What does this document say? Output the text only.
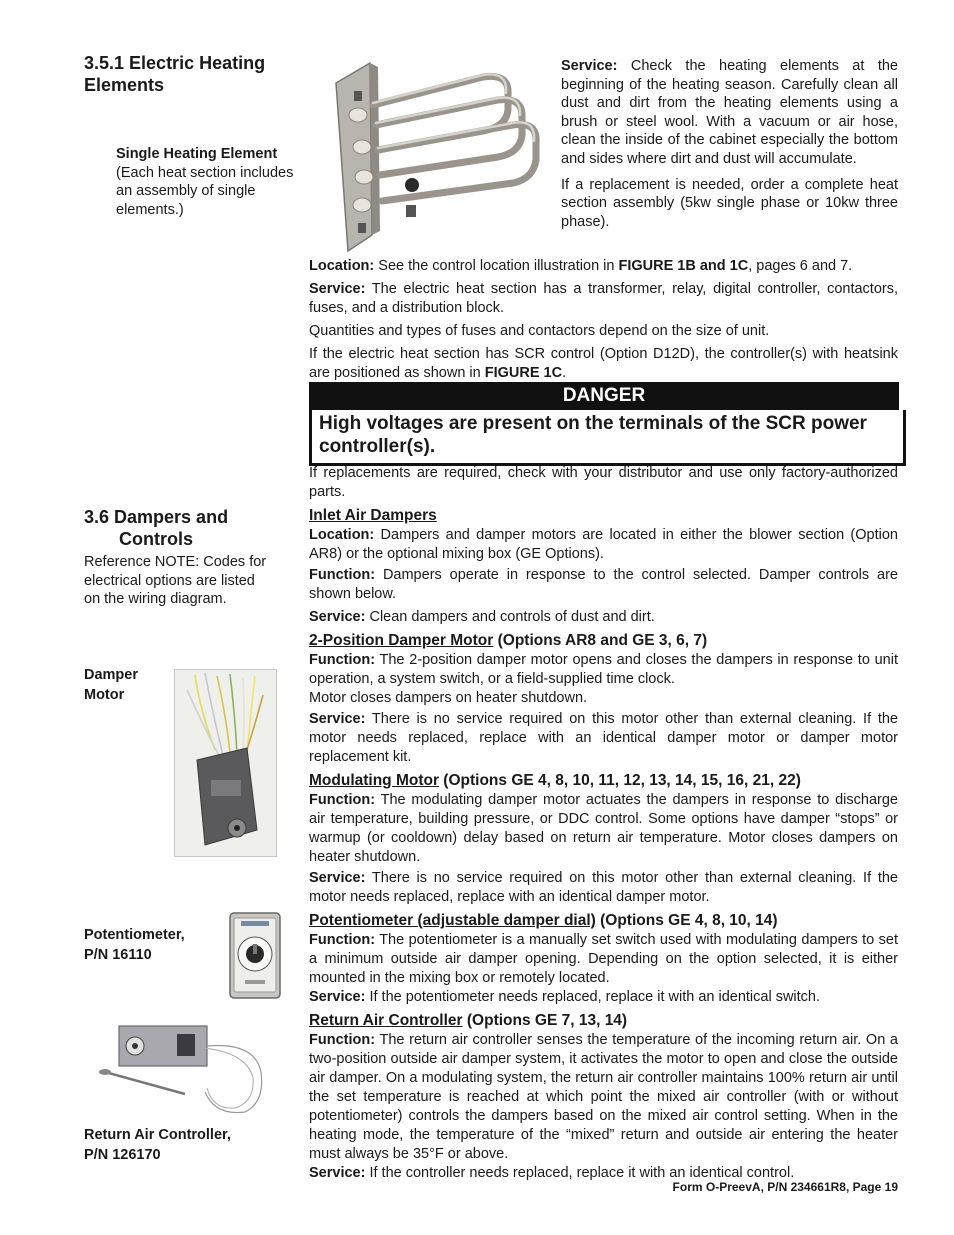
3.5.1 Electric Heating
Elements
Single Heating Element
(Each heat section includes
an assembly of single
elements.)
3.6 Dampers and
Controls
Reference NOTE: Codes for
electrical options are listed
on the wiring diagram.
Damper
Motor
Potentiometer,
P/N 16110
Return Air Controller,
P/N 126170

Service: Check the heating elements at the beginning of the heating season. Carefully clean all dust and dirt from the heating elements using a brush or steel wool. With a vacuum or air hose, clean the inside of the cabinet especially the bottom and sides where dirt and dust will accumulate.

If a replacement is needed, order a complete heat section assembly (5kw single phase or 10kw three phase).

Location: See the control location illustration in FIGURE 1B and 1C, pages 6 and 7.

Service: The electric heat section has a transformer, relay, digital controller, contactors, fuses, and a distribution block.

Quantities and types of fuses and contactors depend on the size of unit.

If the electric heat section has SCR control (Option D12D), the controller(s) with heatsink are positioned as shown in FIGURE 1C.

DANGER
High voltages are present on the terminals of the SCR power controller(s).

If replacements are required, check with your distributor and use only factory-authorized parts.

Inlet Air Dampers

Location: Dampers and damper motors are located in either the blower section (Option AR8) or the optional mixing box (GE Options).

Function: Dampers operate in response to the control selected. Damper controls are shown below.

Service: Clean dampers and controls of dust and dirt.

2-Position Damper Motor (Options AR8 and GE 3, 6, 7)

Function: The 2-position damper motor opens and closes the dampers in response to unit operation, a system switch, or a field-supplied time clock.

Motor closes dampers on heater shutdown.

Service: There is no service required on this motor other than external cleaning. If the motor needs replaced, replace with an identical damper motor or damper motor replacement kit.

Modulating Motor (Options GE 4, 8, 10, 11, 12, 13, 14, 15, 16, 21, 22)

Function: The modulating damper motor actuates the dampers in response to discharge air temperature, building pressure, or DDC control. Some options have damper “stops” or warmup (or cooldown) delay based on return air temperature. Motor closes dampers on heater shutdown.

Service: There is no service required on this motor other than external cleaning. If the motor needs replaced, replace with an identical damper motor.

Potentiometer (adjustable damper dial) (Options GE 4, 8, 10, 14)

Function: The potentiometer is a manually set switch used with modulating dampers to set a minimum outside air damper opening. Depending on the option selected, it is either mounted in the mixing box or remotely located.

Service: If the potentiometer needs replaced, replace it with an identical switch.

Return Air Controller (Options GE 7, 13, 14)

Function: The return air controller senses the temperature of the incoming return air. On a two-position outside air damper system, it activates the motor to open and close the outside air damper. On a modulating system, the return air controller maintains 100% return air until the set temperature is reached at which point the mixed air controller (with or without potentiometer) controls the dampers based on the mixed air control setting. When in the heating mode, the temperature of the “mixed” return and outside air entering the heater must always be 35°F or above.

Service: If the controller needs replaced, replace it with an identical control.

Form O-PreevA, P/N 234661R8, Page 19
